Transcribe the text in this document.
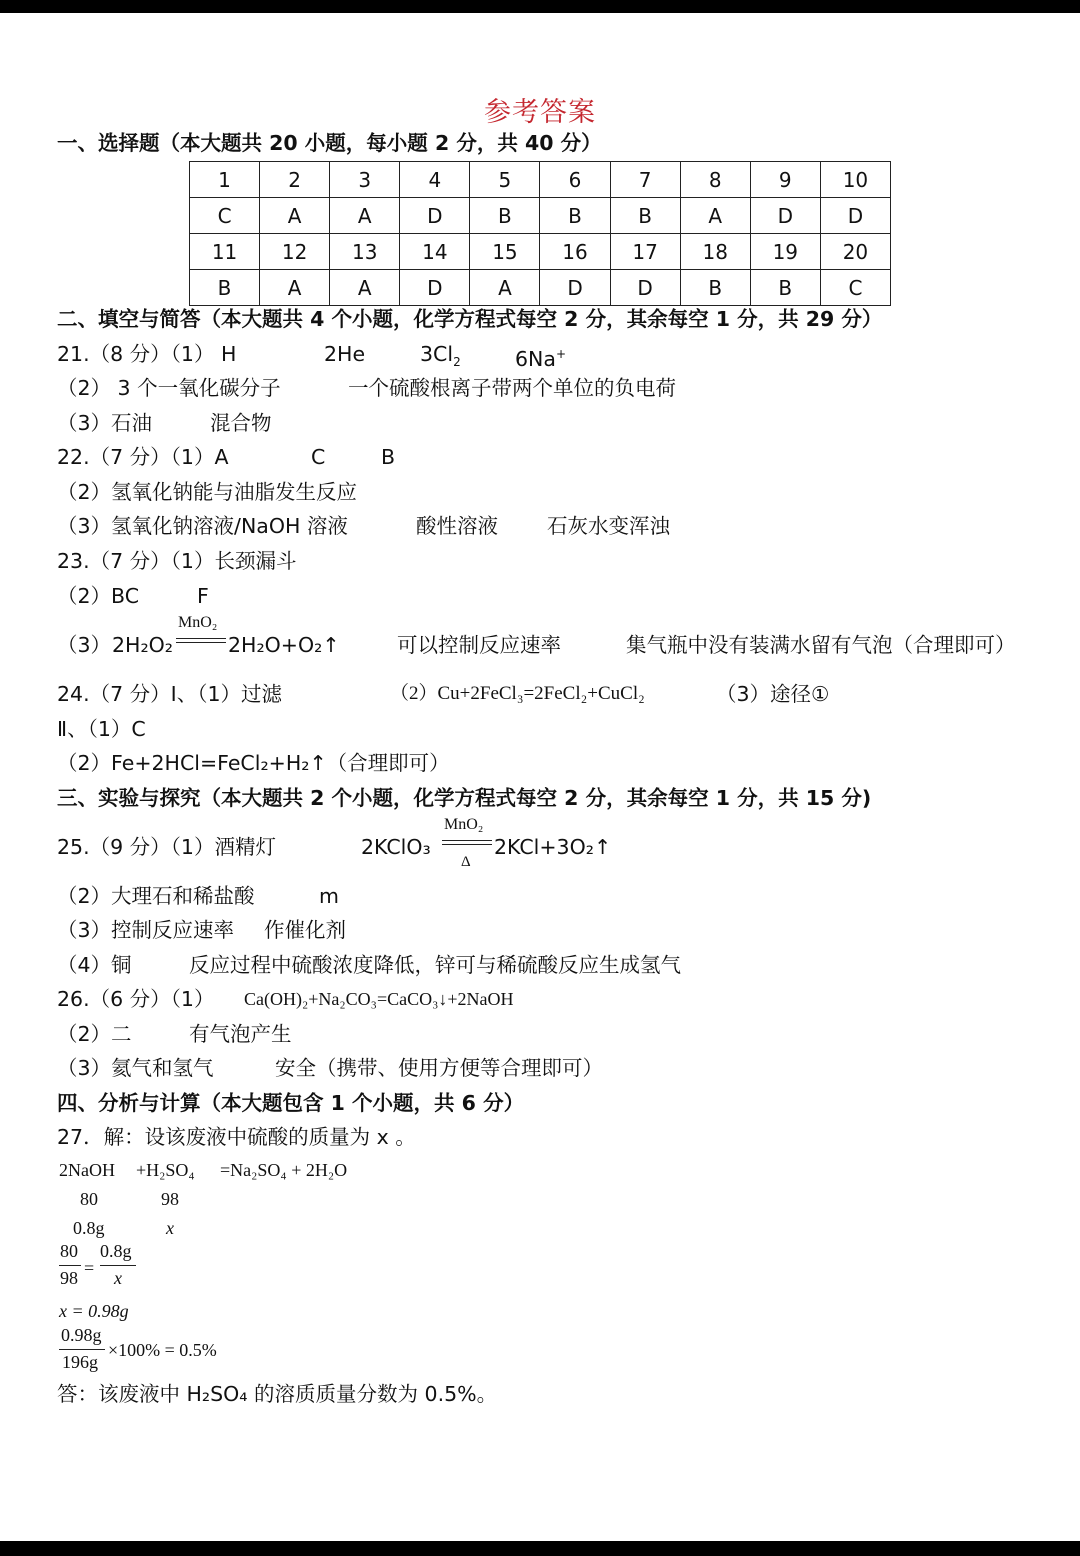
参考答案
一、选择题（本大题共 20 小题，每小题 2 分，共 40 分）
1	2	3	4	5	6	7	8	9	10
C	A	A	D	B	B	B	A	D	D
11	12	13	14	15	16	17	18	19	20
B	A	A	D	A	D	D	B	B	C
二、填空与简答（本大题共 4 个小题，化学方程式每空 2 分，其余每空 1 分，共 29 分）
21.（8 分）（1） H	2He	$3Cl_2$	6Na+
（2） 3 个一氧化碳分子	一个硫酸根离子带两个单位的负电荷
（3）石油	混合物
22.（7 分）（1）A	C	B
（2）氢氧化钠能与油脂发生反应
（3）氢氧化钠溶液/NaOH 溶液	酸性溶液 石灰水变浑浊
23.（7 分）（1）长颈漏斗
（2）BC	F
（3） 2H₂O₂
MnO₂
2H₂O+O₂↑	可以控制反应速率	集气瓶中没有装满水留有气泡（合理即可）
24.（7 分）Ⅰ、（1）过滤	（2）Cu+2FeCl₃=2FeCl₂+CuCl₂	（3）途径①
Ⅱ、（1）C
（2）Fe+2HCl=FeCl₂+H₂↑（合理即可）
三、实验与探究（本大题共 2 个小题，化学方程式每空 2 分，其余每空 1 分，共 15 分)
25.（9 分）（1）酒精灯	2KClO₃
MnO₂
Δ
2KCl+3O₂↑
（2）大理石和稀盐酸	m
（3）控制反应速率 作催化剂
（4）铜	反应过程中硫酸浓度降低，锌可与稀硫酸反应生成氢气
26.（6 分）（1） Ca(OH)₂+Na₂CO₃=CaCO₃↓+2NaOH
（2）二	有气泡产生
（3）氦气和氢气	安全（携带、使用方便等合理即可）
四、分析与计算（本大题包含 1 个小题，共 6 分）
27．解：设该废液中硫酸的质量为 x 。
2NaOH +H₂SO₄ =Na₂SO₄ + 2H₂O
80	98
0.8g	x
80
98 =
0.8g
x
x = 0.98g
0.98g
196g
×100% = 0.5%
答：该废液中 H₂SO₄ 的溶质质量分数为 0.5%。
